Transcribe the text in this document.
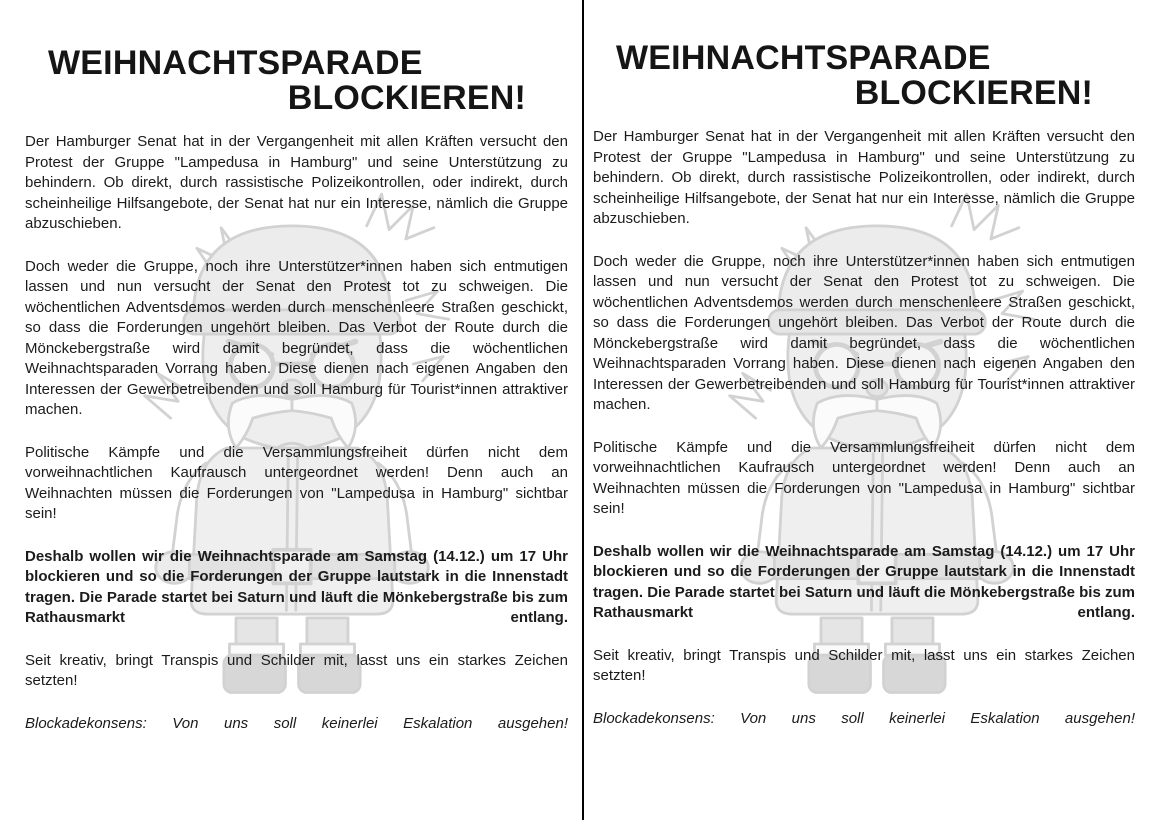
WEIHNACHTSPARADE
BLOCKIEREN!

Der Hamburger Senat hat in der Vergangenheit mit allen Kräften versucht den Protest der Gruppe "Lampedusa in Hamburg" und seine Unterstützung zu behindern. Ob direkt, durch rassistische Polizeikontrollen, oder indirekt, durch scheinheilige Hilfsangebote, der Senat hat nur ein Interesse, nämlich die Gruppe abzuschieben.

Doch weder die Gruppe, noch ihre Unterstützer*innen haben sich entmutigen lassen und nun versucht der Senat den Protest tot zu schweigen. Die wöchentlichen Adventsdemos werden durch menschenleere Straßen geschickt, so dass die Forderungen ungehört bleiben. Das Verbot der Route durch die Mönckebergstraße wird damit begründet, dass die wöchentlichen Weihnachtsparaden Vorrang haben. Diese dienen nach eigenen Angaben den Interessen der Gewerbetreibenden und soll Hamburg für Tourist*innen attraktiver machen.

Politische Kämpfe und die Versammlungsfreiheit dürfen nicht dem vorweihnachtlichen Kaufrausch untergeordnet werden! Denn auch an Weihnachten müssen die Forderungen von "Lampedusa in Hamburg" sichtbar sein!

Deshalb wollen wir die Weihnachtsparade am Samstag (14.12.) um 17 Uhr blockieren und so die Forderungen der Gruppe lautstark in die Innenstadt tragen. Die Parade startet bei Saturn und läuft die Mönkebergstraße bis zum Rathausmarkt entlang.

Seit kreativ, bringt Transpis und Schilder mit, lasst uns ein starkes Zeichen setzten!

Blockadekonsens: Von uns soll keinerlei Eskalation ausgehen!

WEIHNACHTSPARADE
BLOCKIEREN!

Der Hamburger Senat hat in der Vergangenheit mit allen Kräften versucht den Protest der Gruppe "Lampedusa in Hamburg" und seine Unterstützung zu behindern. Ob direkt, durch rassistische Polizeikontrollen, oder indirekt, durch scheinheilige Hilfsangebote, der Senat hat nur ein Interesse, nämlich die Gruppe abzuschieben.

Doch weder die Gruppe, noch ihre Unterstützer*innen haben sich entmutigen lassen und nun versucht der Senat den Protest tot zu schweigen. Die wöchentlichen Adventsdemos werden durch menschenleere Straßen geschickt, so dass die Forderungen ungehört bleiben. Das Verbot der Route durch die Mönckebergstraße wird damit begründet, dass die wöchentlichen Weihnachtsparaden Vorrang haben. Diese dienen nach eigenen Angaben den Interessen der Gewerbetreibenden und soll Hamburg für Tourist*innen attraktiver machen.

Politische Kämpfe und die Versammlungsfreiheit dürfen nicht dem vorweihnachtlichen Kaufrausch untergeordnet werden! Denn auch an Weihnachten müssen die Forderungen von "Lampedusa in Hamburg" sichtbar sein!

Deshalb wollen wir die Weihnachtsparade am Samstag (14.12.) um 17 Uhr blockieren und so die Forderungen der Gruppe lautstark in die Innenstadt tragen. Die Parade startet bei Saturn und läuft die Mönkebergstraße bis zum Rathausmarkt entlang.

Seit kreativ, bringt Transpis und Schilder mit, lasst uns ein starkes Zeichen setzten!

Blockadekonsens: Von uns soll keinerlei Eskalation ausgehen!
